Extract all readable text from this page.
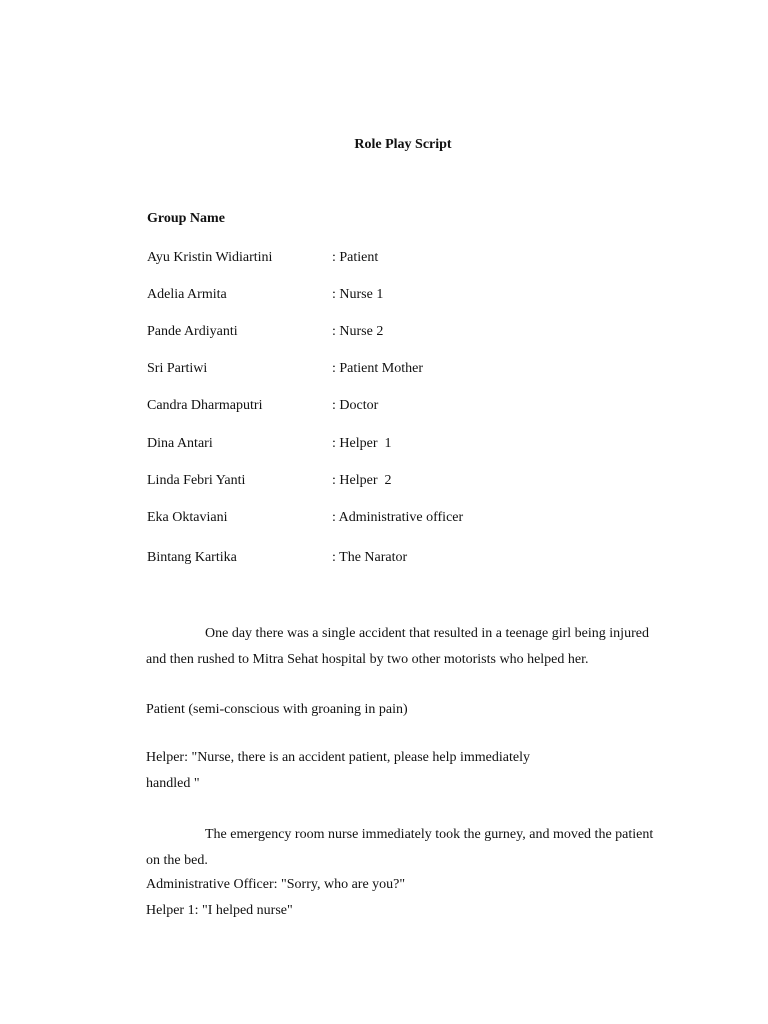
Role Play Script
Group Name
Ayu Kristin Widiartini	: Patient
Adelia Armita	: Nurse 1
Pande Ardiyanti	: Nurse 2
Sri Partiwi	: Patient Mother
Candra Dharmaputri	: Doctor
Dina Antari	: Helper  1
Linda Febri Yanti	: Helper  2
Eka Oktaviani	: Administrative officer
Bintang Kartika	: The Narator

One day there was a single accident that resulted in a teenage girl being injured and then rushed to Mitra Sehat hospital by two other motorists who helped her.

Patient (semi-conscious with groaning in pain)
Helper: "Nurse, there is an accident patient, please help immediately
handled "

The emergency room nurse immediately took the gurney, and moved the patient on the bed.

Administrative Officer: "Sorry, who are you?"
Helper 1: "I helped nurse"
